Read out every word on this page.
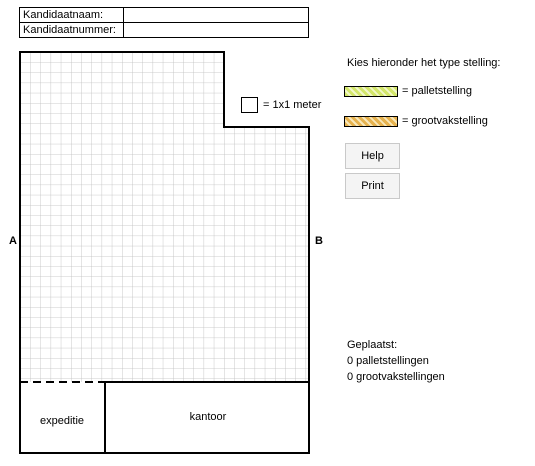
Kandidaatnaam:
Kandidaatnummer:
expeditie	kantoor
A	B
= 1x1 meter
Kies hieronder het type stelling:
= palletstelling
= grootvakstelling
Help
Print
Geplaatst:
0 palletstellingen
0 grootvakstellingen
